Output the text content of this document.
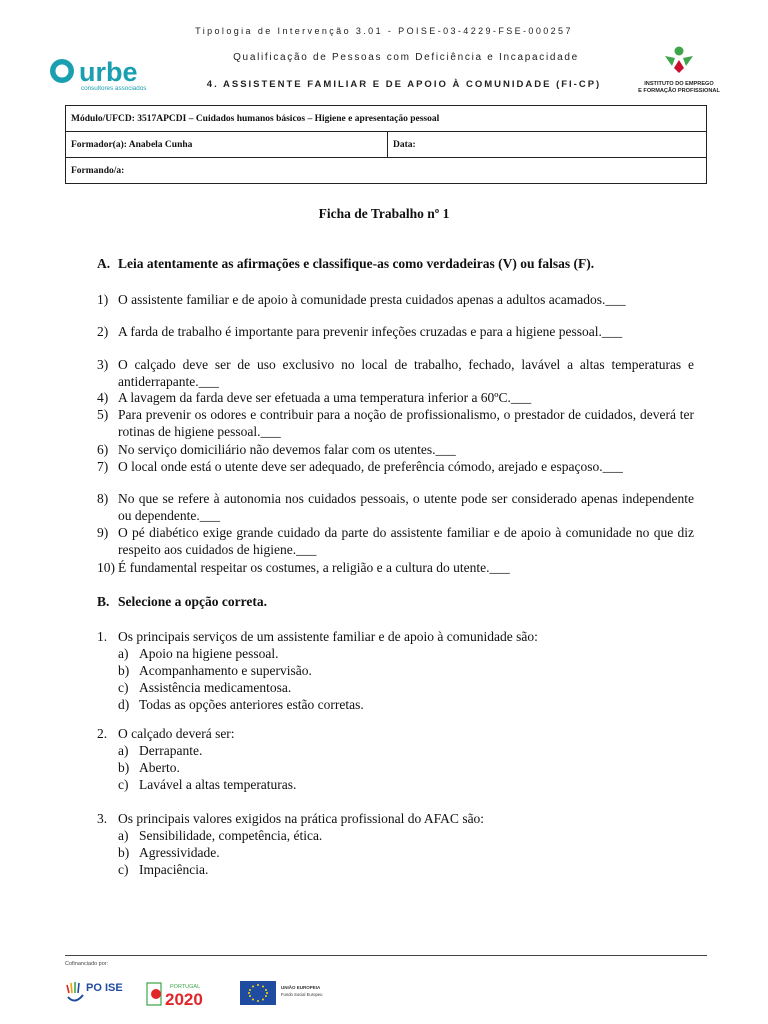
Tipologia de Intervenção 3.01 - POISE-03-4229-FSE-000257
Qualificação de Pessoas com Deficiência e Incapacidade
4. ASSISTENTE FAMILIAR E DE APOIO À COMUNIDADE (FI-CP)
urbe
consultores associados
INSTITUTO DO EMPREGO
E FORMAÇÃO PROFISSIONAL
Módulo/UFCD: 3517APCDI – Cuidados humanos básicos – Higiene e apresentação pessoal
Formador(a): Anabela Cunha	Data:
Formando/a:
Ficha de Trabalho nº 1
A. Leia atentamente as afirmações e classifique-as como verdadeiras (V) ou falsas (F).
1) O assistente familiar e de apoio à comunidade presta cuidados apenas a adultos acamados.___
2) A farda de trabalho é importante para prevenir infeções cruzadas e para a higiene pessoal.___
3) O calçado deve ser de uso exclusivo no local de trabalho, fechado, lavável a altas temperaturas e antiderrapante.___
4) A lavagem da farda deve ser efetuada a uma temperatura inferior a 60ºC.___
5) Para prevenir os odores e contribuir para a noção de profissionalismo, o prestador de cuidados, deverá ter rotinas de higiene pessoal.___
6) No serviço domiciliário não devemos falar com os utentes.___
7) O local onde está o utente deve ser adequado, de preferência cómodo, arejado e espaçoso.___
8) No que se refere à autonomia nos cuidados pessoais, o utente pode ser considerado apenas independente ou dependente.___
9) O pé diabético exige grande cuidado da parte do assistente familiar e de apoio à comunidade no que diz respeito aos cuidados de higiene.___
10) É fundamental respeitar os costumes, a religião e a cultura do utente.___
B. Selecione a opção correta.
1. Os principais serviços de um assistente familiar e de apoio à comunidade são:
a) Apoio na higiene pessoal.
b) Acompanhamento e supervisão.
c) Assistência medicamentosa.
d) Todas as opções anteriores estão corretas.
2. O calçado deverá ser:
a) Derrapante.
b) Aberto.
c) Lavável a altas temperaturas.
3. Os principais valores exigidos na prática profissional do AFAC são:
a) Sensibilidade, competência, ética.
b) Agressividade.
c) Impaciência.
Cofinanciado por:
PO ISE	PORTUGAL
2020
UNIÃO EUROPEIA
Fundo Social Europeu
